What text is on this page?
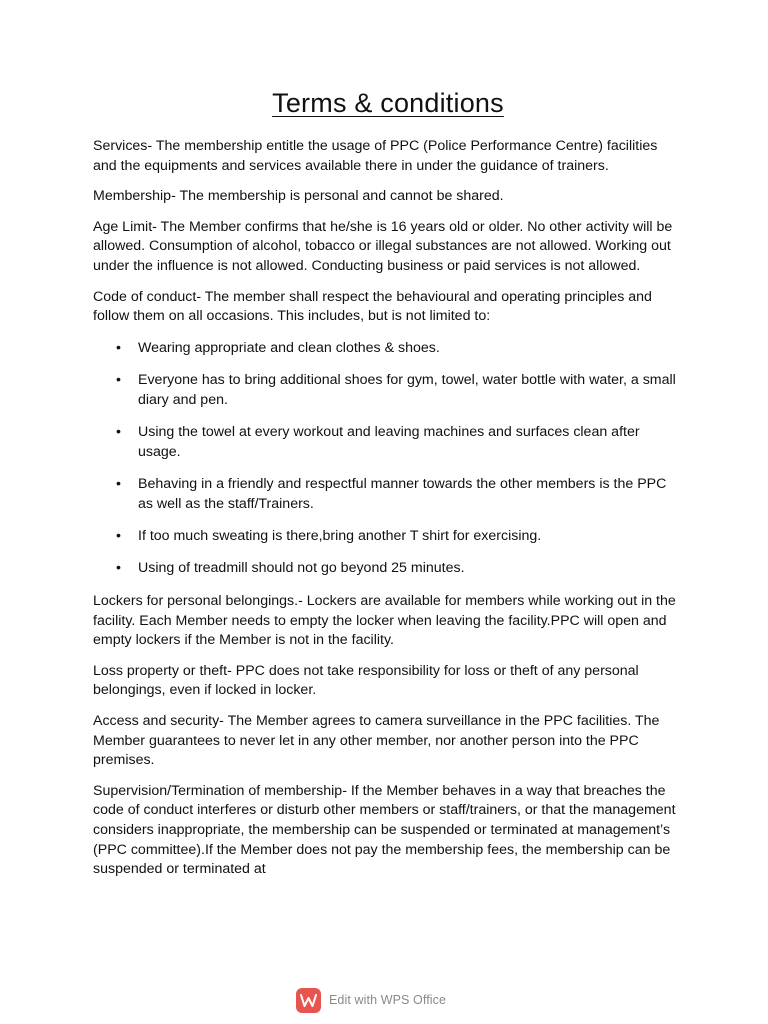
Terms & conditions

Services- The membership entitle the usage of PPC (Police Performance Centre) facilities and the equipments and services available there in under the guidance of trainers.

Membership- The membership is personal and cannot be shared.

Age Limit- The Member confirms that he/she is 16 years old or older. No other activity will be allowed. Consumption of alcohol, tobacco or illegal substances are not allowed. Working out under the influence is not allowed. Conducting business or paid services is not allowed.

Code of conduct- The member shall respect the behavioural and operating principles and follow them on all occasions. This includes, but is not limited to:

• Wearing appropriate and clean clothes & shoes.
• Everyone has to bring additional shoes for gym, towel, water bottle with water, a small diary and pen.
• Using the towel at every workout and leaving machines and surfaces clean after usage.
• Behaving in a friendly and respectful manner towards the other members is the PPC as well as the staff/Trainers.
• If too much sweating is there,bring another T shirt for exercising.
• Using of treadmill should not go beyond 25 minutes.

Lockers for personal belongings.- Lockers are available for members while working out in the facility. Each Member needs to empty the locker when leaving the facility.PPC will open and empty lockers if the Member is not in the facility.

Loss property or theft- PPC does not take responsibility for loss or theft of any personal belongings, even if locked in locker.

Access and security- The Member agrees to camera surveillance in the PPC facilities. The Member guarantees to never let in any other member, nor another person into the PPC premises.

Supervision/Termination of membership- If the Member behaves in a way that breaches the code of conduct interferes or disturb other members or staff/trainers, or that the management considers inappropriate, the membership can be suspended or terminated at management’s (PPC committee).If the Member does not pay the membership fees, the membership can be suspended or terminated at

Edit with WPS Office
